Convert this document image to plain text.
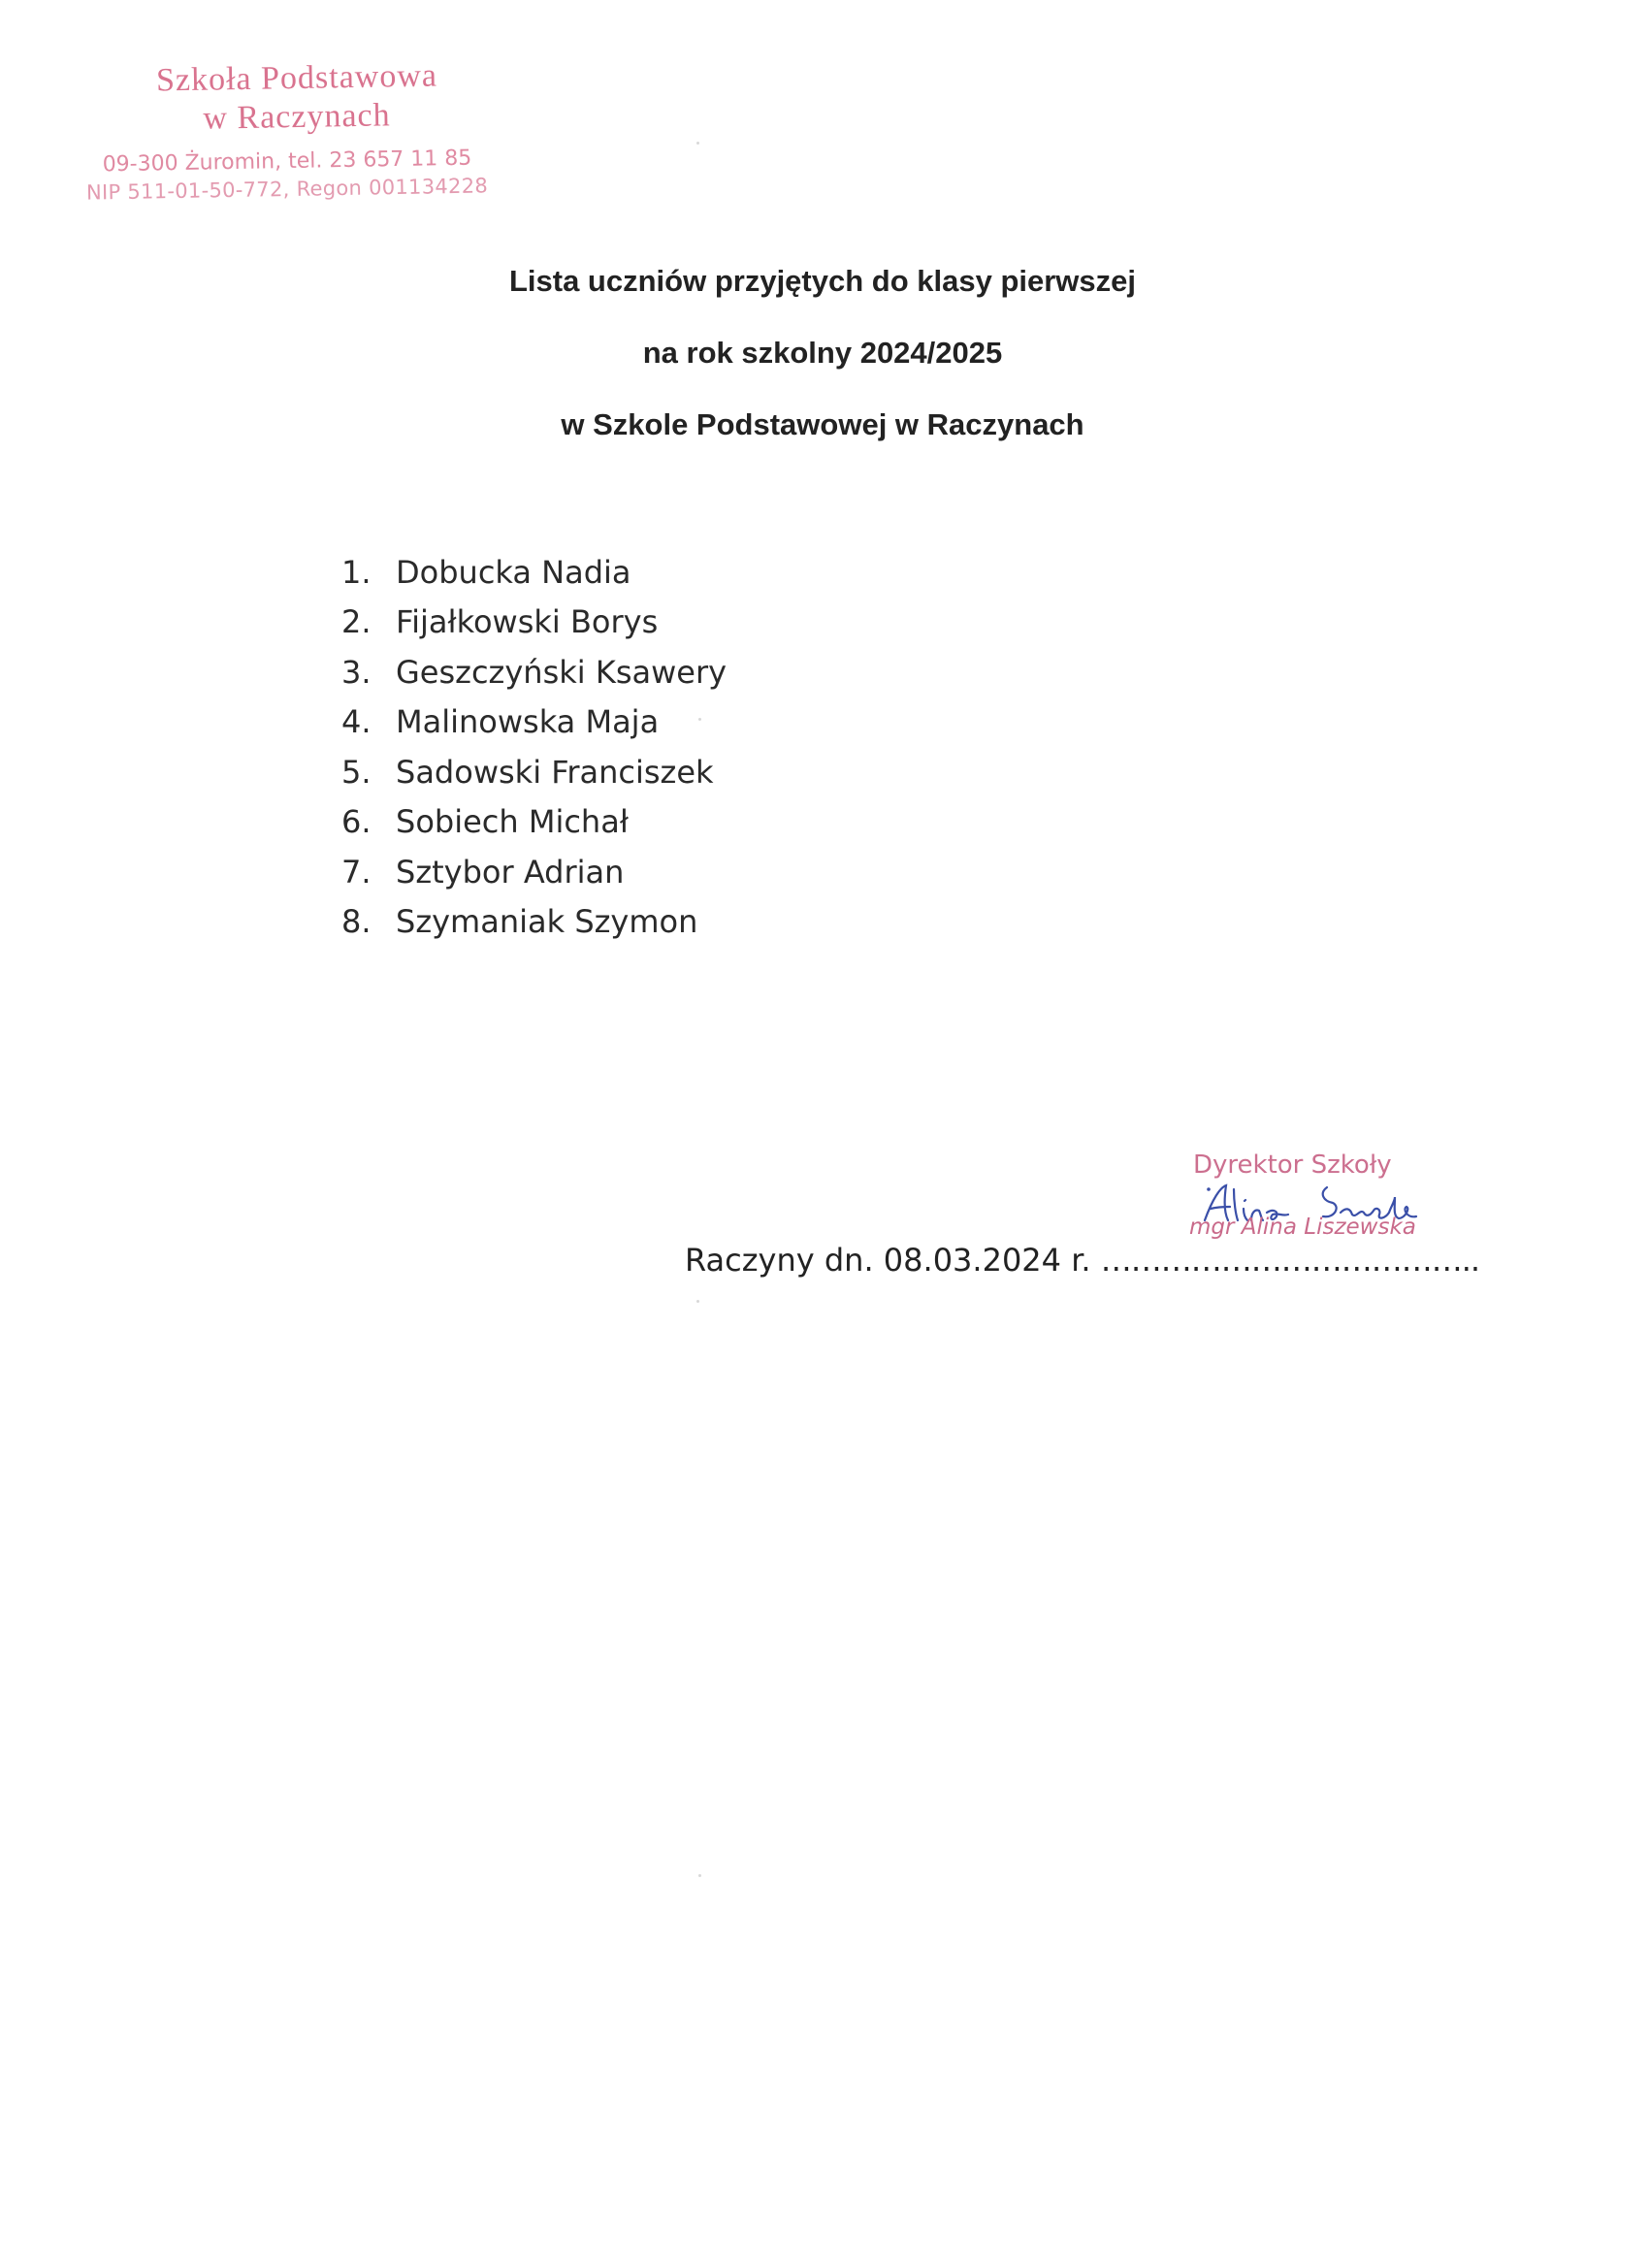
Szkoła Podstawowa
w Raczynach
09-300 Żuromin, tel. 23 657 11 85
NIP 511-01-50-772, Regon 001134228
Lista uczniów przyjętych do klasy pierwszej
na rok szkolny 2024/2025
w Szkole Podstawowej w Raczynach
1. Dobucka Nadia
2. Fijałkowski Borys
3. Geszczyński Ksawery
4. Malinowska Maja
5. Sadowski Franciszek
6. Sobiech Michał
7. Sztybor Adrian
8. Szymaniak Szymon
Dyrektor Szkoły
mgr Alina Liszewska
Raczyny dn. 08.03.2024 r. ………………………………..
